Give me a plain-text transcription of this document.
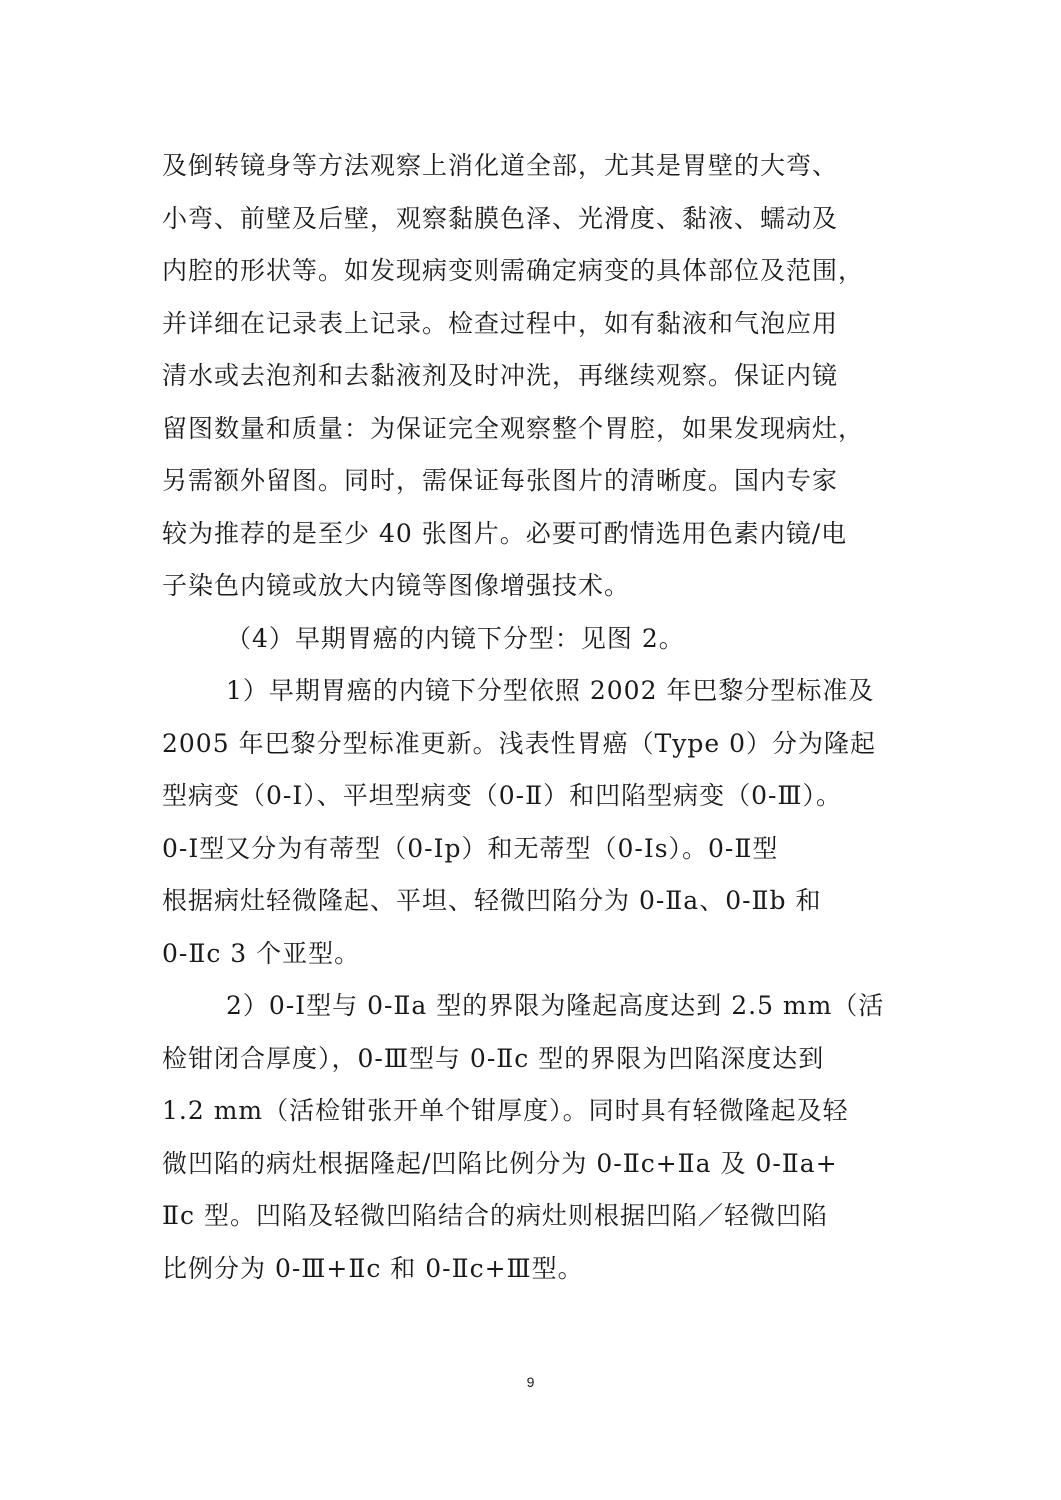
及倒转镜身等方法观察上消化道全部，尤其是胃壁的大弯、
小弯、前壁及后壁，观察黏膜色泽、光滑度、黏液、蠕动及
内腔的形状等。如发现病变则需确定病变的具体部位及范围，
并详细在记录表上记录。检查过程中，如有黏液和气泡应用
清水或去泡剂和去黏液剂及时冲洗，再继续观察。保证内镜
留图数量和质量：为保证完全观察整个胃腔，如果发现病灶，
另需额外留图。同时，需保证每张图片的清晰度。国内专家
较为推荐的是至少 40 张图片。必要可酌情选用色素内镜/电
子染色内镜或放大内镜等图像增强技术。
（4）早期胃癌的内镜下分型：见图 2。
1）早期胃癌的内镜下分型依照 2002 年巴黎分型标准及
2005 年巴黎分型标准更新。浅表性胃癌（Type 0）分为隆起
型病变（0-Ⅰ）、平坦型病变（0-Ⅱ）和凹陷型病变（0-Ⅲ）。
0-Ⅰ型又分为有蒂型（0-Ⅰp）和无蒂型（0-Ⅰs）。0-Ⅱ型
根据病灶轻微隆起、平坦、轻微凹陷分为 0-Ⅱa、0-Ⅱb 和
0-Ⅱc 3 个亚型。
2）0-Ⅰ型与 0-Ⅱa 型的界限为隆起高度达到 2.5 mm（活
检钳闭合厚度），0-Ⅲ型与 0-Ⅱc 型的界限为凹陷深度达到
1.2 mm（活检钳张开单个钳厚度）。同时具有轻微隆起及轻
微凹陷的病灶根据隆起/凹陷比例分为 0-Ⅱc+Ⅱa 及 0-Ⅱa+
Ⅱc 型。凹陷及轻微凹陷结合的病灶则根据凹陷／轻微凹陷
比例分为 0-Ⅲ+Ⅱc 和 0-Ⅱc+Ⅲ型。
9
